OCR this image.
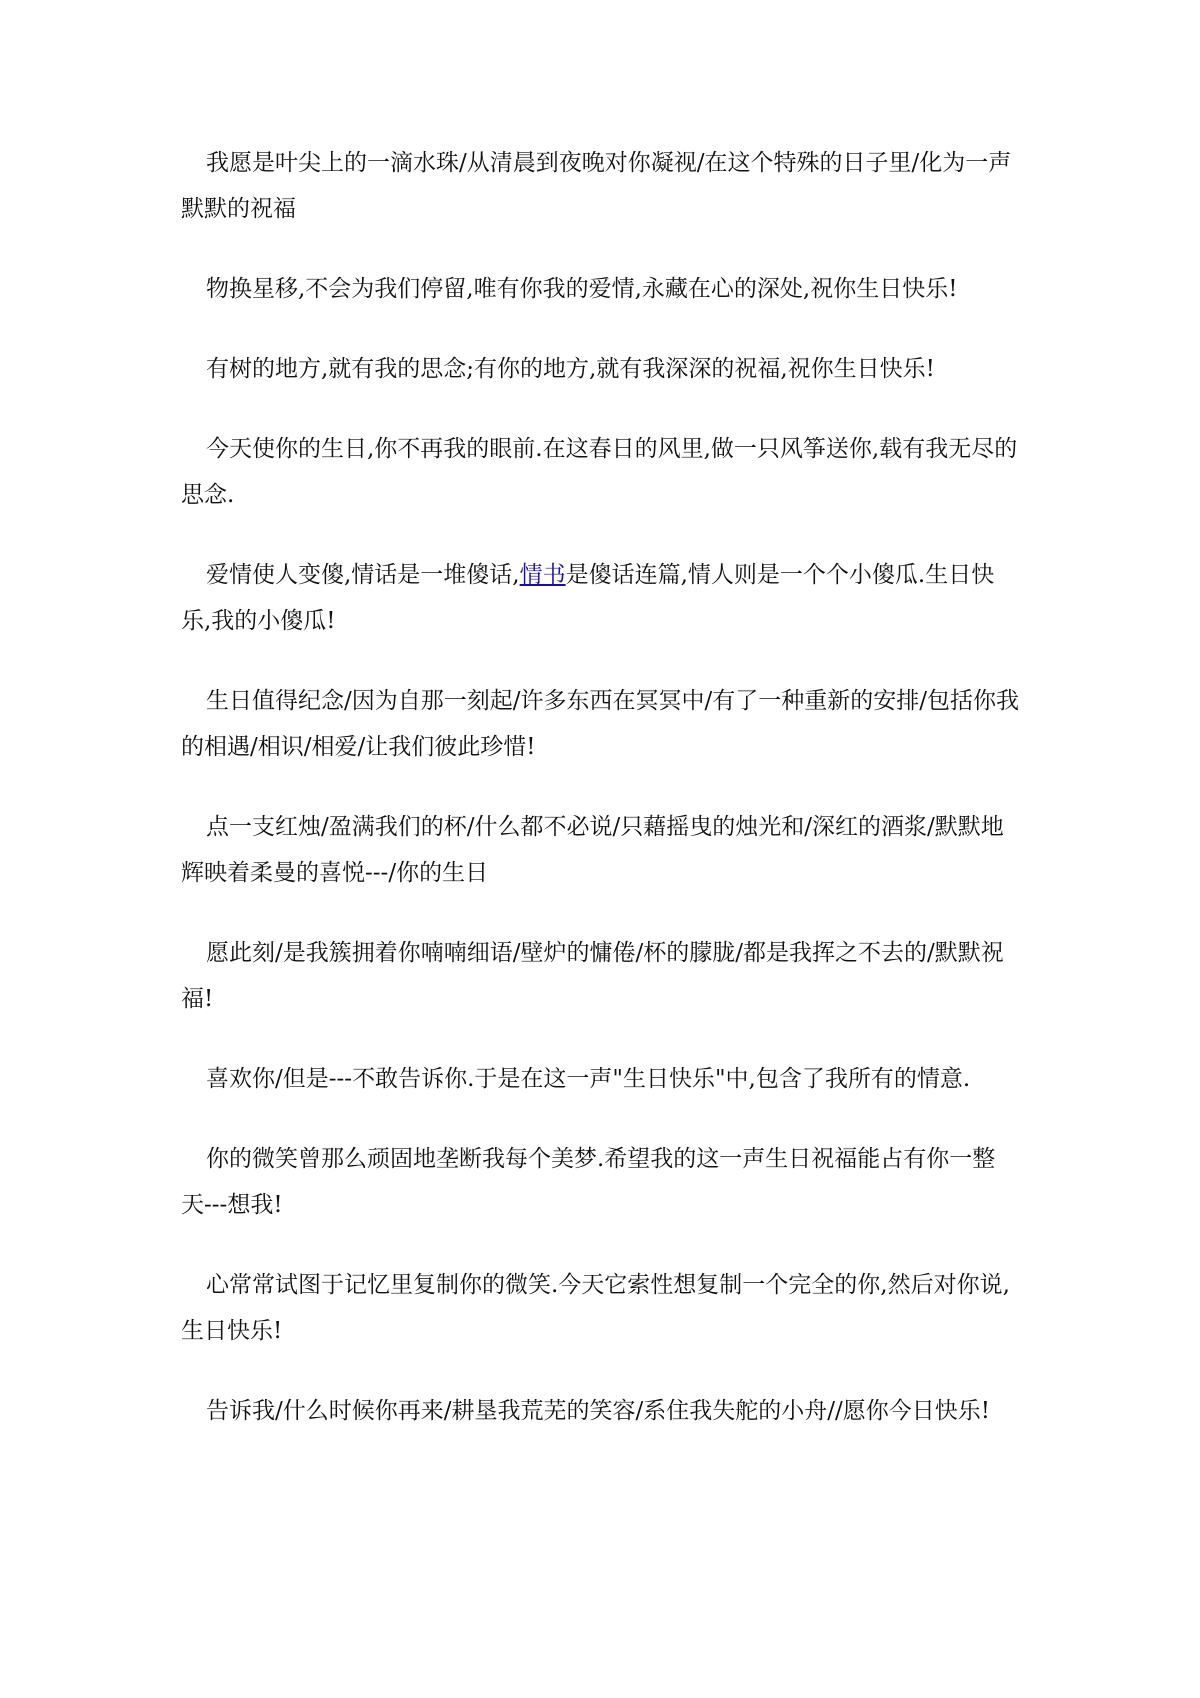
我愿是叶尖上的一滴水珠/从清晨到夜晚对你凝视/在这个特殊的日子里/化为一声默默的祝福

物换星移,不会为我们停留,唯有你我的爱情,永藏在心的深处,祝你生日快乐!

有树的地方,就有我的思念;有你的地方,就有我深深的祝福,祝你生日快乐!

今天使你的生日,你不再我的眼前.在这春日的风里,做一只风筝送你,载有我无尽的思念.

爱情使人变傻,情话是一堆傻话,情书是傻话连篇,情人则是一个个小傻瓜.生日快乐,我的小傻瓜!

生日值得纪念/因为自那一刻起/许多东西在冥冥中/有了一种重新的安排/包括你我的相遇/相识/相爱/让我们彼此珍惜!

点一支红烛/盈满我们的杯/什么都不必说/只藉摇曳的烛光和/深红的酒浆/默默地辉映着柔曼的喜悦---/你的生日

愿此刻/是我簇拥着你喃喃细语/壁炉的慵倦/杯的朦胧/都是我挥之不去的/默默祝福!

喜欢你/但是---不敢告诉你.于是在这一声"生日快乐"中,包含了我所有的情意.

你的微笑曾那么顽固地垄断我每个美梦.希望我的这一声生日祝福能占有你一整天---想我!

心常常试图于记忆里复制你的微笑.今天它索性想复制一个完全的你,然后对你说,生日快乐!

告诉我/什么时候你再来/耕垦我荒芜的笑容/系住我失舵的小舟//愿你今日快乐!
